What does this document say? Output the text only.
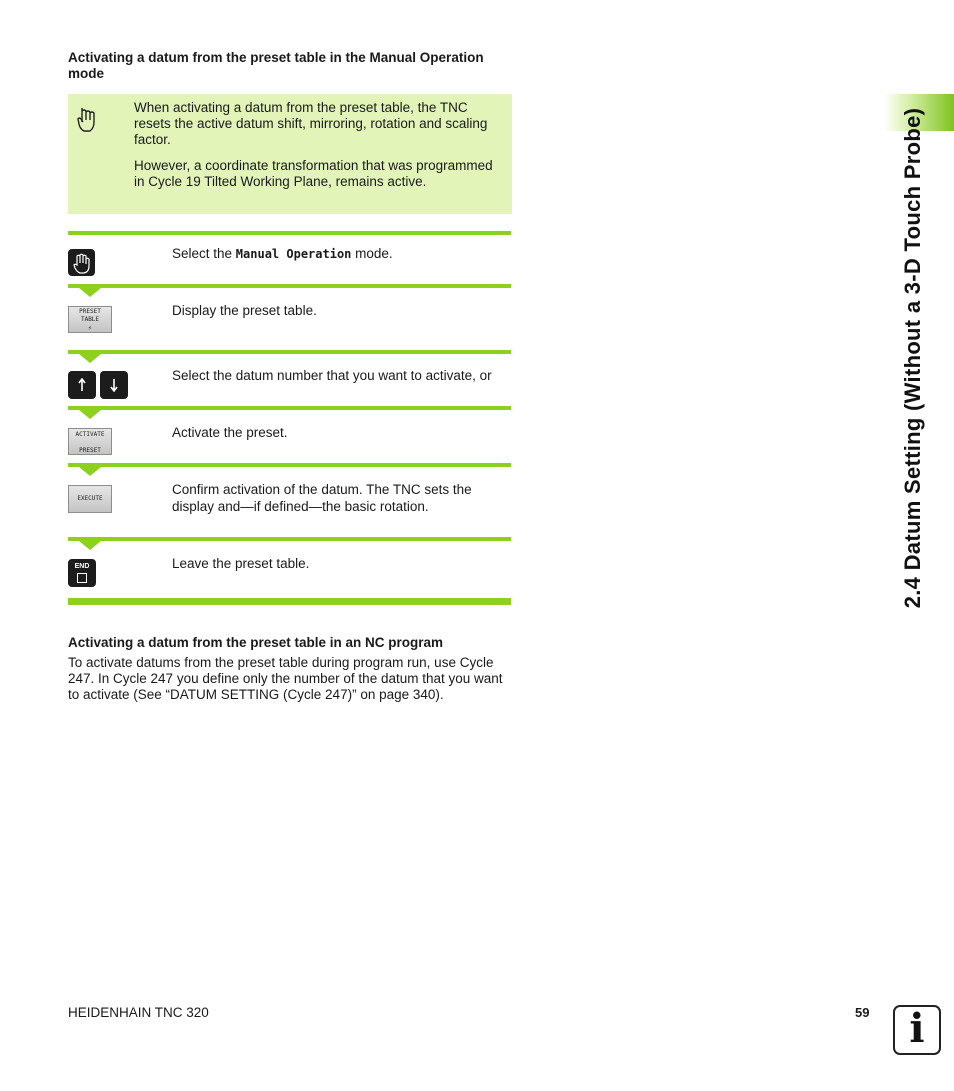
Activating a datum from the preset table in the Manual Operation mode

When activating a datum from the preset table, the TNC resets the active datum shift, mirroring, rotation and scaling factor.

However, a coordinate transformation that was programmed in Cycle 19 Tilted Working Plane, remains active.

Select the Manual Operation mode.
PRESET
TABLE
⚡
Display the preset table.
Select the datum number that you want to activate, or
ACTIVATE
PRESET
Activate the preset.
EXECUTE
Confirm activation of the datum. The TNC sets the display and—if defined—the basic rotation.
END	Leave the preset table.
Activating a datum from the preset table in an NC program
To activate datums from the preset table during program run, use Cycle 247. In Cycle 247 you define only the number of the datum that you want to activate (See “DATUM SETTING (Cycle 247)” on page 340).
2.4 Datum Setting (Without a 3-D Touch Probe)
HEIDENHAIN TNC 320	59 i
